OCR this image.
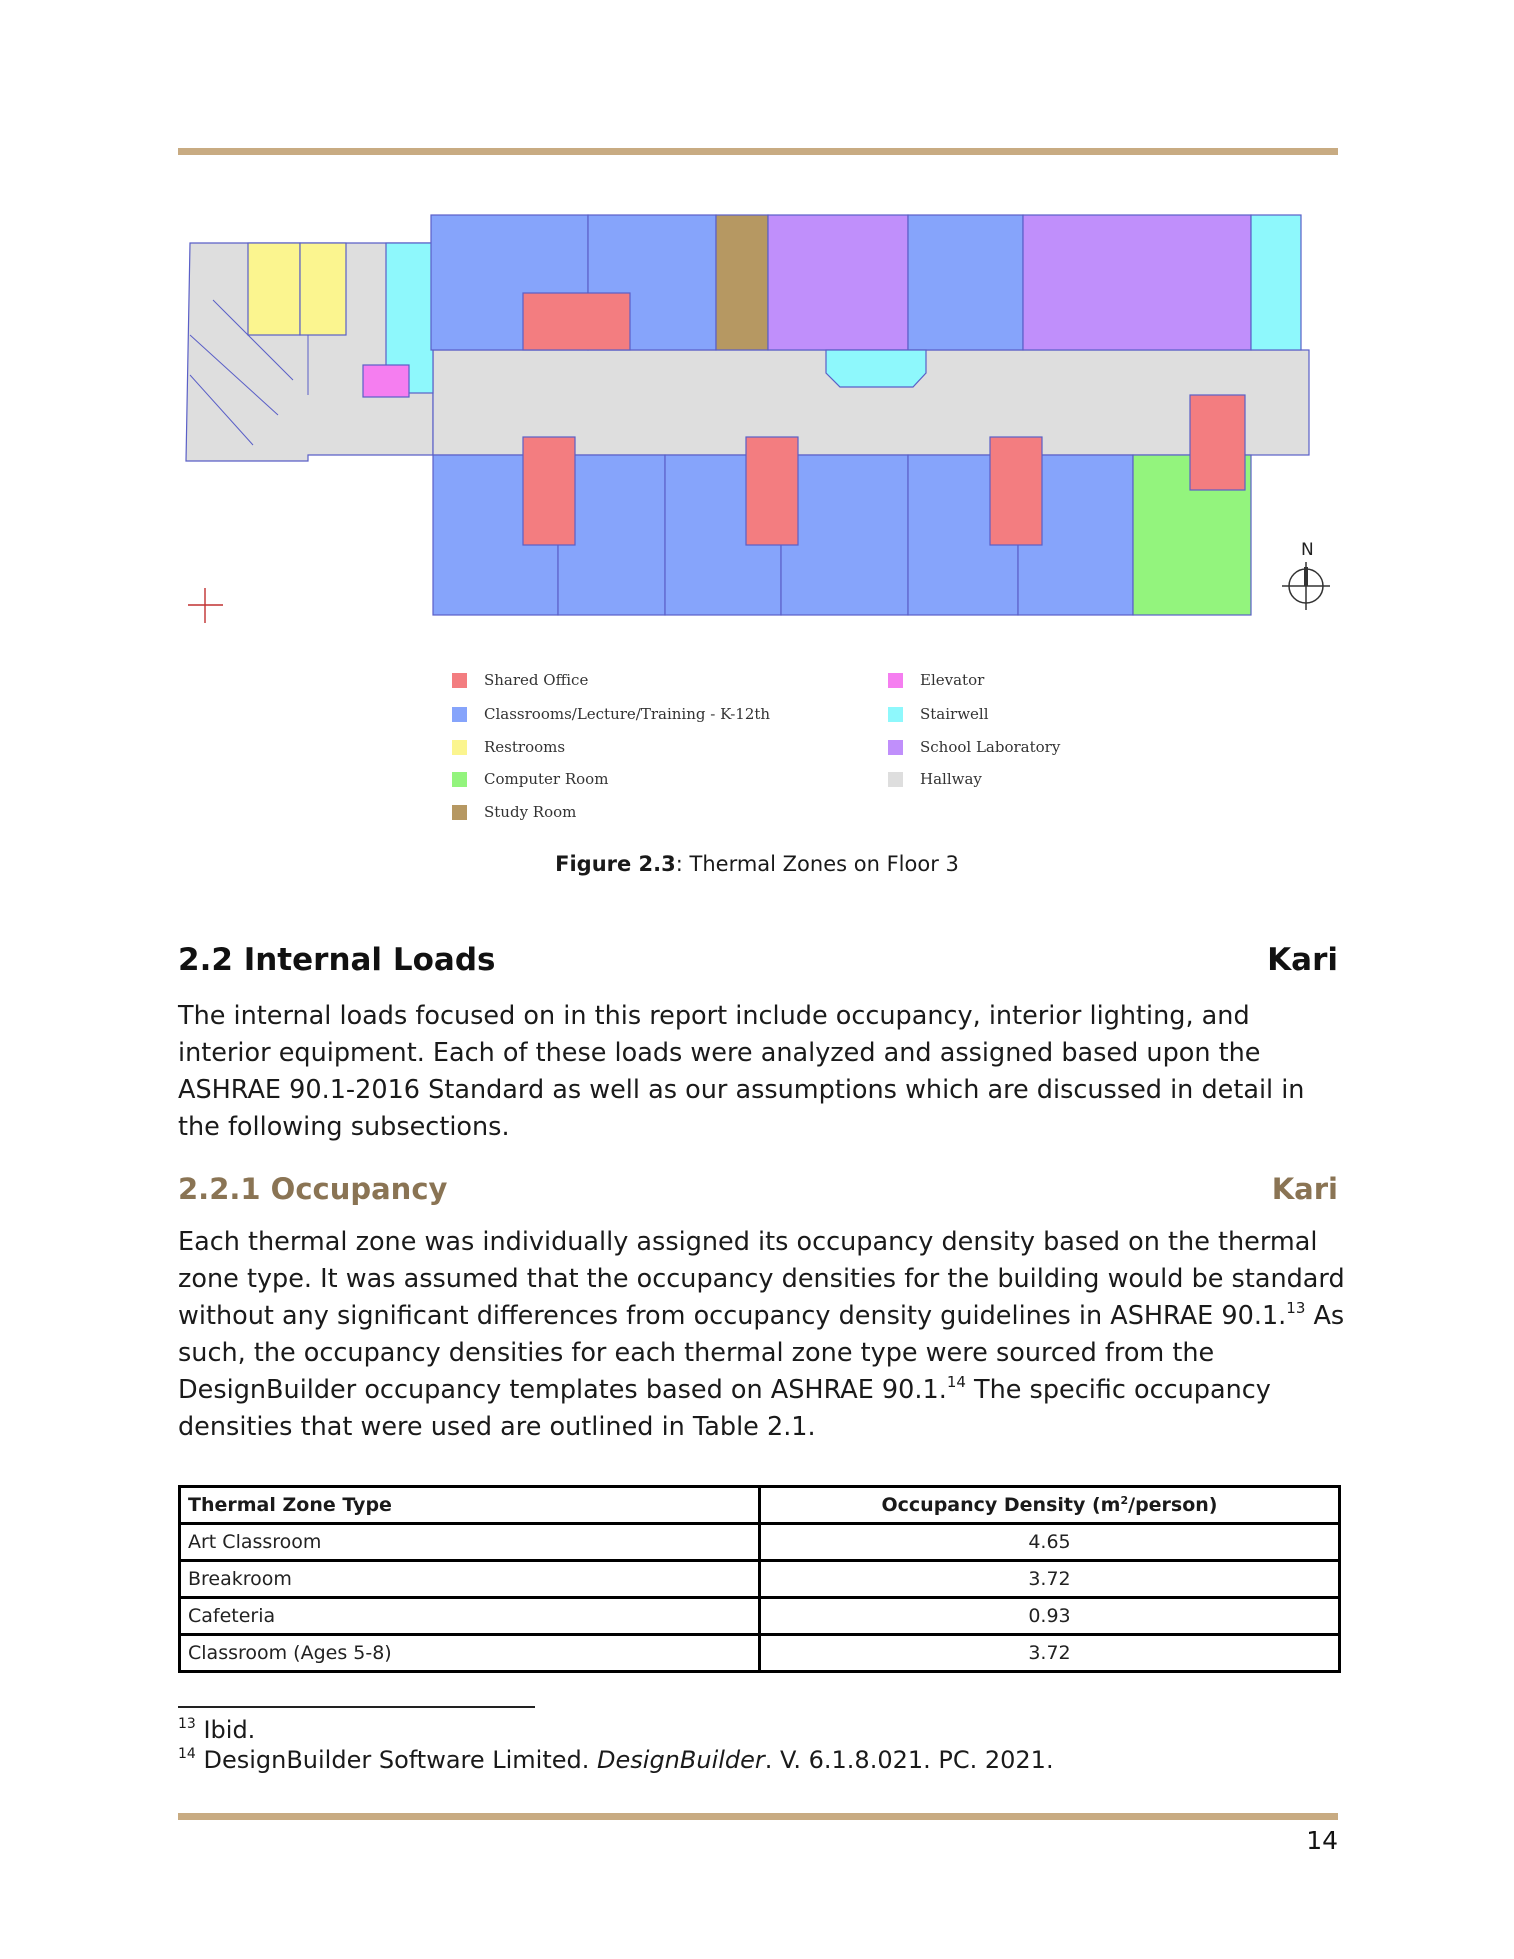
N
Shared Office
Classrooms/Lecture/Training - K-12th
Restrooms
Computer Room
Study Room
Elevator
Stairwell
School Laboratory
Hallway
Figure 2.3: Thermal Zones on Floor 3
2.2 Internal Loads	Kari
The internal loads focused on in this report include occupancy, interior lighting, and interior equipment. Each of these loads were analyzed and assigned based upon the ASHRAE 90.1-2016 Standard as well as our assumptions which are discussed in detail in the following subsections.
2.2.1 Occupancy	Kari
Each thermal zone was individually assigned its occupancy density based on the thermal zone type. It was assumed that the occupancy densities for the building would be standard without any significant differences from occupancy density guidelines in ASHRAE 90.1.13 As such, the occupancy densities for each thermal zone type were sourced from the DesignBuilder occupancy templates based on ASHRAE 90.1.14 The specific occupancy densities that were used are outlined in Table 2.1.
Thermal Zone Type	Occupancy Density $(m^2/person)$
Art Classroom	4.65
Breakroom	3.72
Cafeteria	0.93
Classroom (Ages 5-8)	3.72
$^{13}$ Ibid.
$^{14}$ DesignBuilder Software Limited. DesignBuilder. V. 6.1.8.021. PC. 2021.
14
